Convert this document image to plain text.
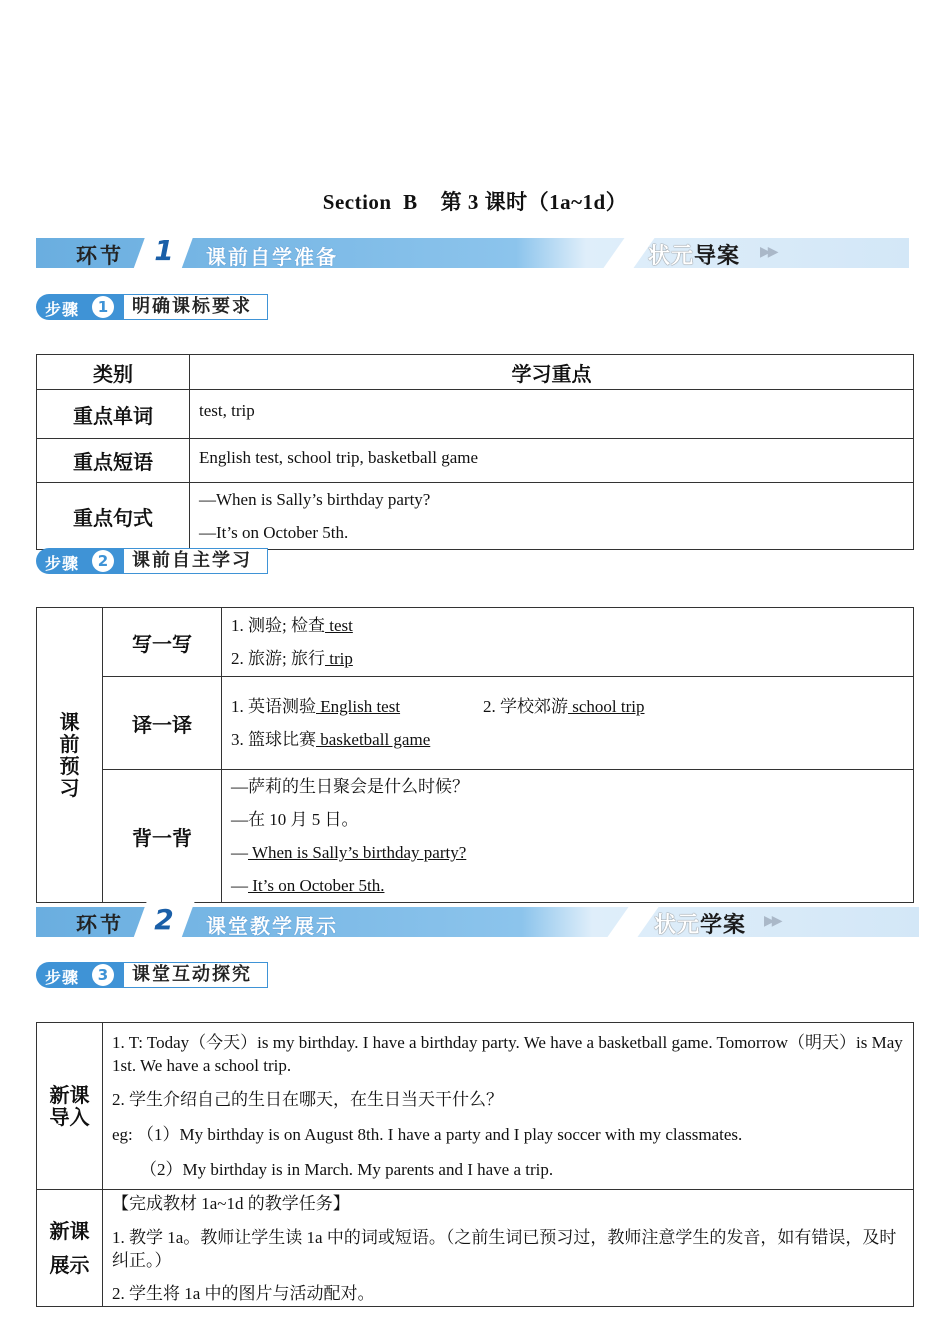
Section  B    第 3 课时（1a~1d）
环节	1	课前自学准备	状元导案 ▶▶
步骤	1	明确课标要求
类别	学习重点
重点单词	test, trip

重点短语	English test, school trip, basketball game

重点句式	—When is Sally’s birthday party?
—It’s on October 5th.
步骤	2	课前自主学习
课前预习	写一写	1. 测验; 检查 test
2. 旅游; 旅行 trip

	译一译	1. 英语测验 English test 2. 学校郊游 school trip
3. 篮球比赛 basketball game

	背一背	—萨莉的生日聚会是什么时候？
—在 10 月 5 日。
— When is Sally’s birthday party?
— It’s on October 5th.
环节	2	课堂教学展示	状元学案 ▶▶
步骤	3	课堂互动探究
新课导入	1. T: Today（今天）is my birthday. I have a birthday party. We have a basketball game. Tomorrow（明天）is May 1st. We have a school trip.
2. 学生介绍自己的生日在哪天，在生日当天干什么？
eg: （1）My birthday is on August 8th. I have a party and I play soccer with my classmates.
（2）My birthday is in March. My parents and I have a trip.

新课展示	【完成教材 1a~1d 的教学任务】
1. 教学 1a。教师让学生读 1a 中的词或短语。（之前生词已预习过，教师注意学生的发音，如有错误，及时纠正。）
2. 学生将 1a 中的图片与活动配对。
